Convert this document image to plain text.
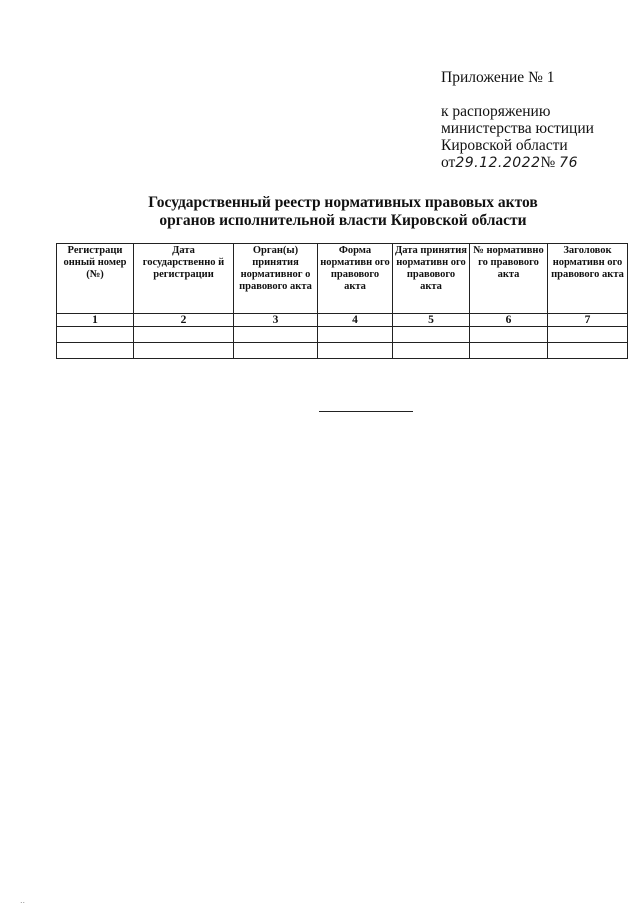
Приложение № 1
к распоряжению
министерства юстиции
Кировской области
от29.12.2022№ 76
Государственный реестр нормативных правовых актов
органов исполнительной власти Кировской области
Регистраци онный номер (№)	Дата государственно й регистрации	Орган(ы) принятия нормативног о правового акта	Форма нормативн ого правового акта	Дата принятия нормативн ого правового акта	№ нормативно го правового акта	Заголовок нормативн ого правового акта
1	2	3	4	5	6	7

..
